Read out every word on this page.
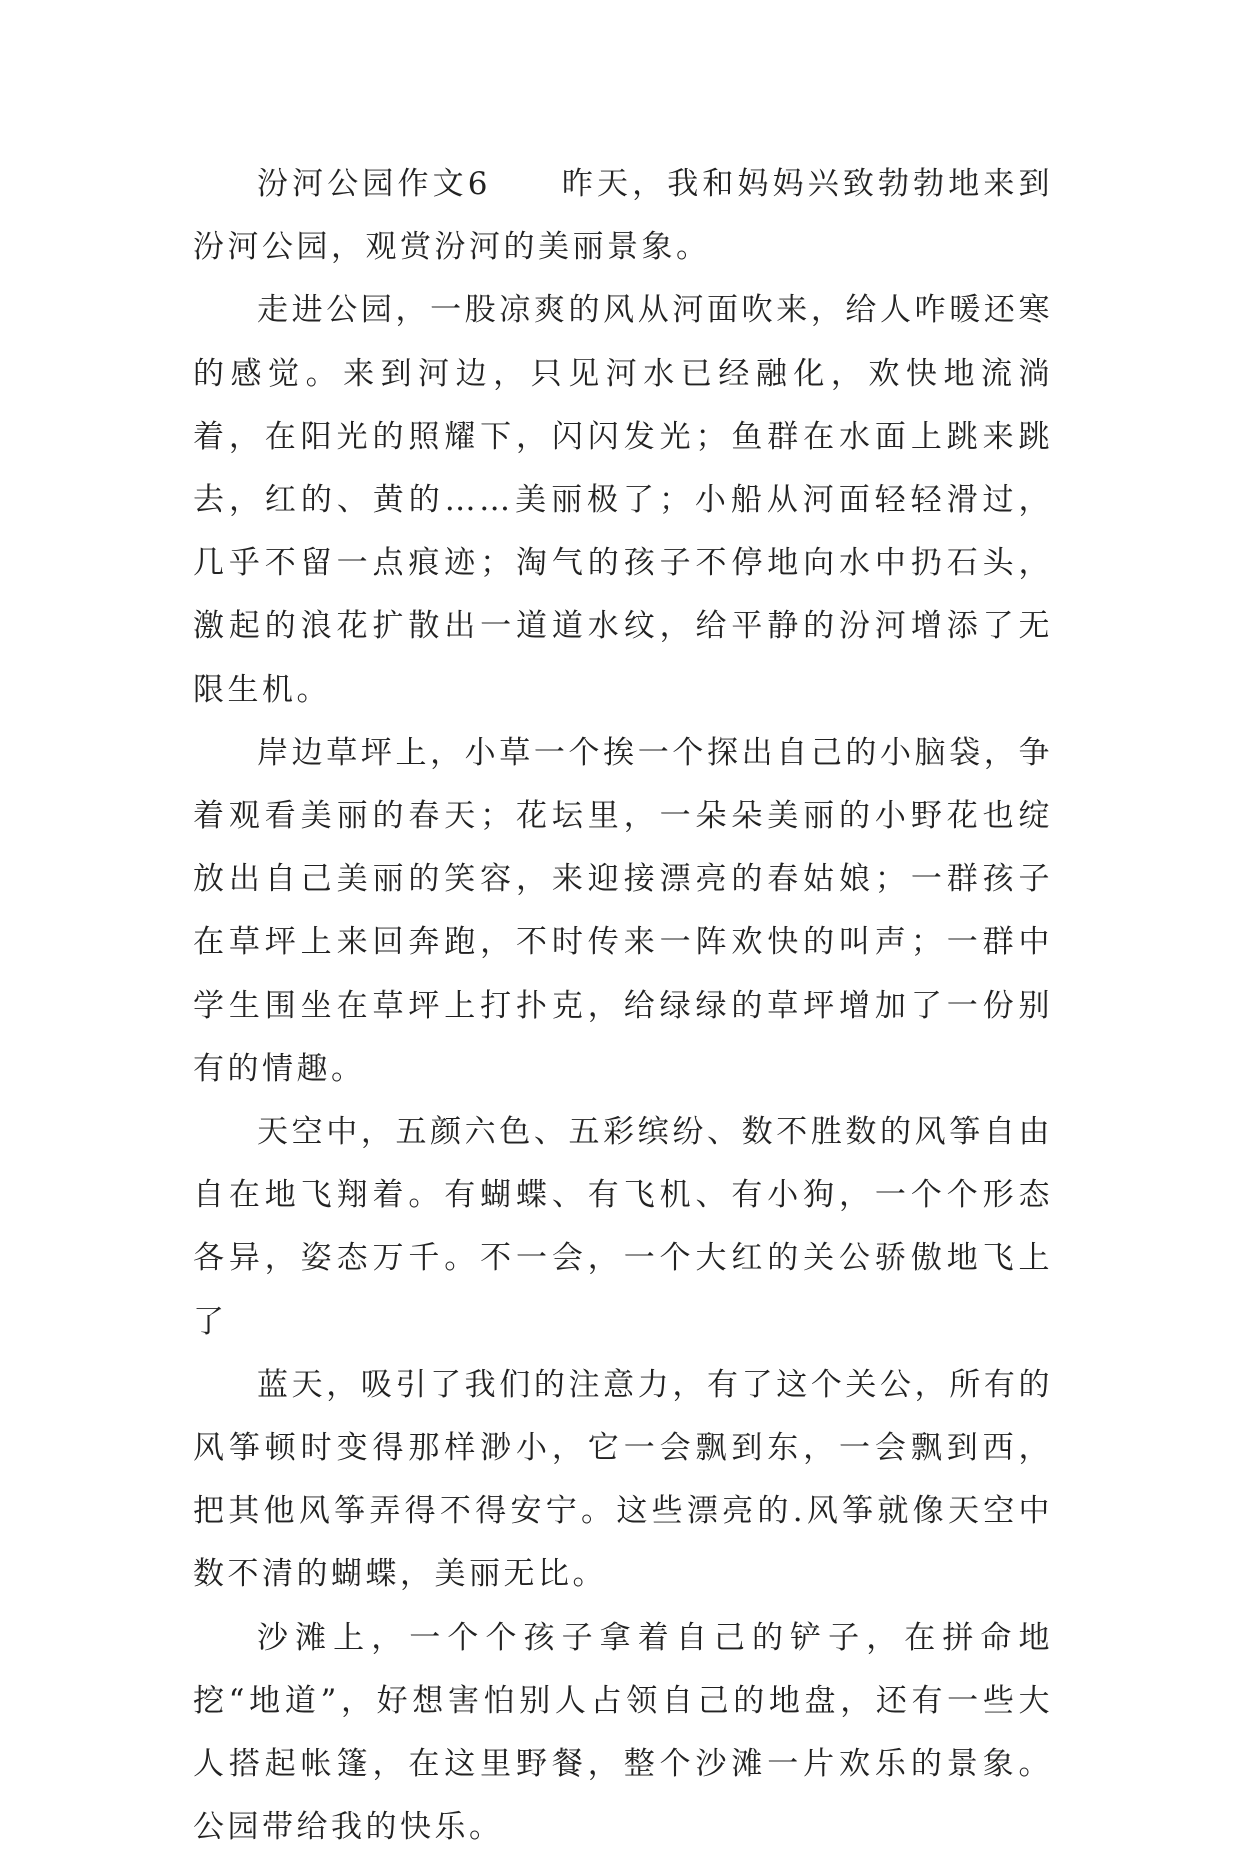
汾河公园作文6　　昨天，我和妈妈兴致勃勃地来到汾河公园，观赏汾河的美丽景象。

走进公园，一股凉爽的风从河面吹来，给人咋暖还寒的感觉。来到河边，只见河水已经融化，欢快地流淌着，在阳光的照耀下，闪闪发光；鱼群在水面上跳来跳去，红的、黄的……美丽极了；小船从河面轻轻滑过，几乎不留一点痕迹；淘气的孩子不停地向水中扔石头，激起的浪花扩散出一道道水纹，给平静的汾河增添了无限生机。

岸边草坪上，小草一个挨一个探出自己的小脑袋，争着观看美丽的春天；花坛里，一朵朵美丽的小野花也绽放出自己美丽的笑容，来迎接漂亮的春姑娘；一群孩子在草坪上来回奔跑，不时传来一阵欢快的叫声；一群中学生围坐在草坪上打扑克，给绿绿的草坪增加了一份别有的情趣。

天空中，五颜六色、五彩缤纷、数不胜数的风筝自由自在地飞翔着。有蝴蝶、有飞机、有小狗，一个个形态各异，姿态万千。不一会，一个大红的关公骄傲地飞上了

蓝天，吸引了我们的注意力，有了这个关公，所有的风筝顿时变得那样渺小，它一会飘到东，一会飘到西，把其他风筝弄得不得安宁。这些漂亮的.风筝就像天空中数不清的蝴蝶，美丽无比。

沙滩上，一个个孩子拿着自己的铲子，在拼命地挖“地道”，好想害怕别人占领自己的地盘，还有一些大人搭起帐篷，在这里野餐，整个沙滩一片欢乐的景象。公园带给我的快乐。
